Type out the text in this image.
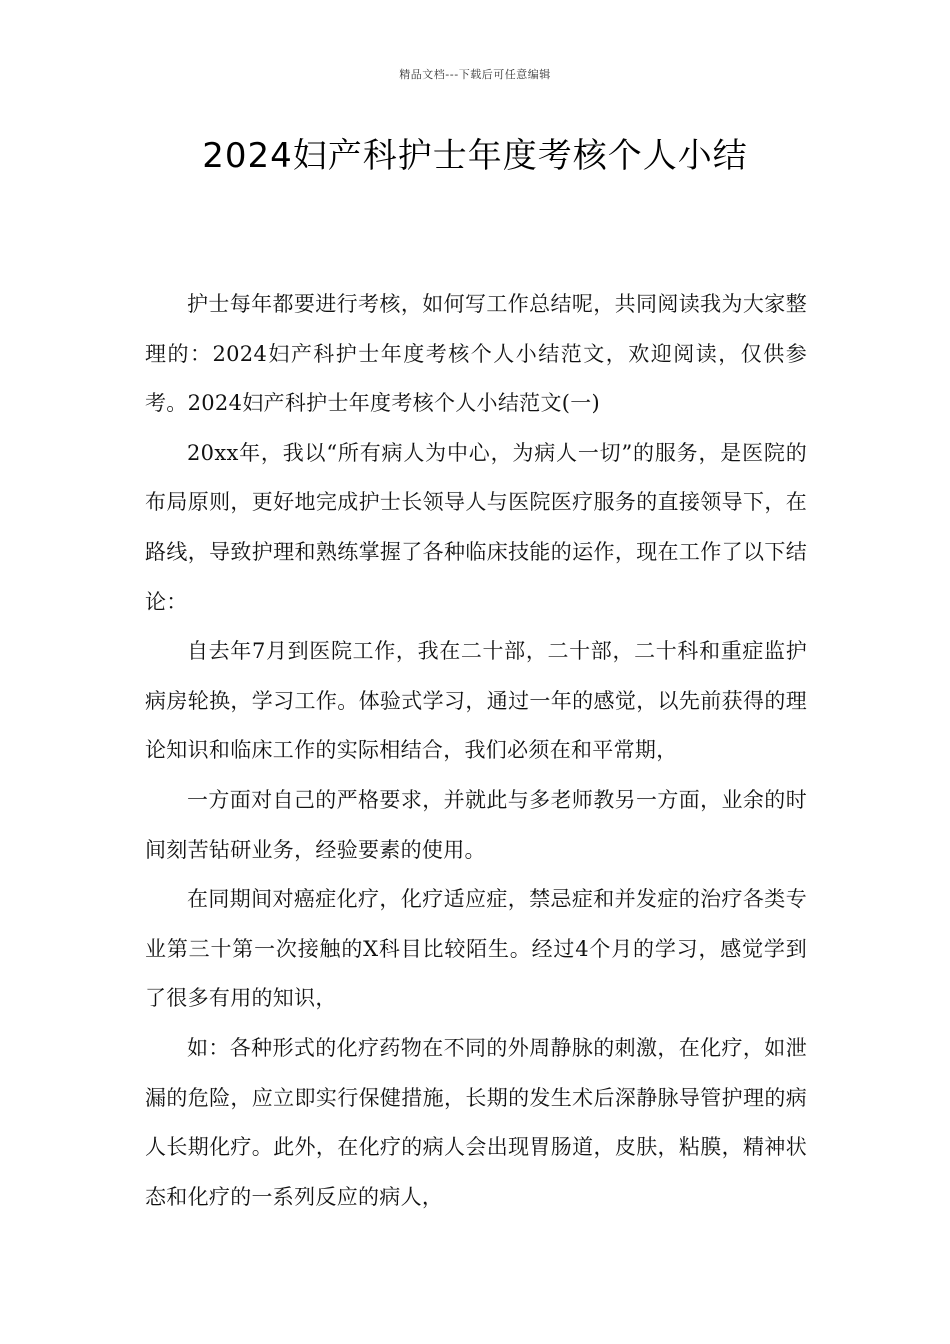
精品文档---下载后可任意编辑
2024妇产科护士年度考核个人小结

护士每年都要进行考核，如何写工作总结呢，共同阅读我为大家整理的：2024妇产科护士年度考核个人小结范文，欢迎阅读，仅供参考。2024妇产科护士年度考核个人小结范文(一)

20xx年，我以“所有病人为中心，为病人一切”的服务，是医院的布局原则，更好地完成护士长领导人与医院医疗服务的直接领导下，在路线，导致护理和熟练掌握了各种临床技能的运作，现在工作了以下结论：

自去年7月到医院工作，我在二十部，二十部，二十科和重症监护病房轮换，学习工作。体验式学习，通过一年的感觉，以先前获得的理论知识和临床工作的实际相结合，我们必须在和平常期，

一方面对自己的严格要求，并就此与多老师教另一方面，业余的时间刻苦钻研业务，经验要素的使用。

在同期间对癌症化疗，化疗适应症，禁忌症和并发症的治疗各类专业第三十第一次接触的X科目比较陌生。经过4个月的学习，感觉学到了很多有用的知识，

如：各种形式的化疗药物在不同的外周静脉的刺激，在化疗，如泄漏的危险，应立即实行保健措施，长期的发生术后深静脉导管护理的病人长期化疗。此外，在化疗的病人会出现胃肠道，皮肤，粘膜，精神状态和化疗的一系列反应的病人，
